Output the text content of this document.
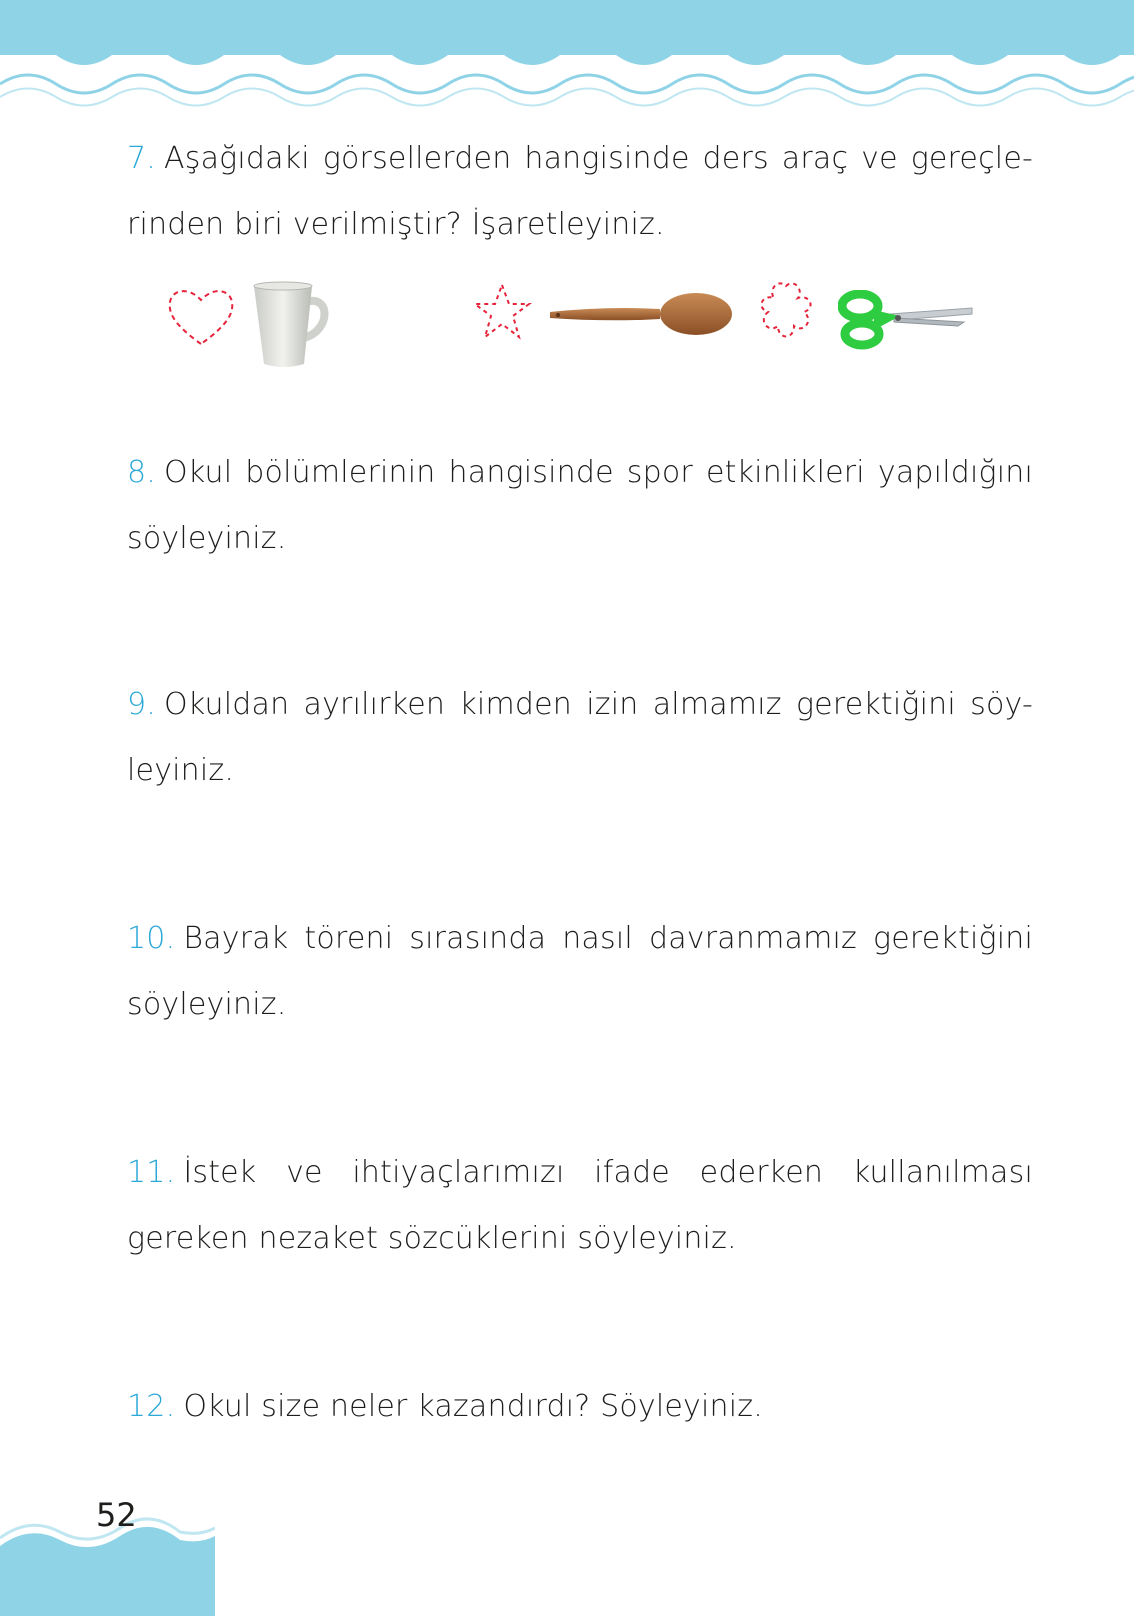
7. Aşağıdaki görsellerden hangisinde ders araç ve gereçle-rinden biri verilmiştir? İşaretleyiniz.
8. Okul bölümlerinin hangisinde spor etkinlikleri yapıldığını söyleyiniz.
9. Okuldan ayrılırken kimden izin almamız gerektiğini söy-leyiniz.
10. Bayrak töreni sırasında nasıl davranmamız gerektiğini söyleyiniz.
11. İstek ve ihtiyaçlarımızı ifade ederken kullanılması gereken nezaket sözcüklerini söyleyiniz.
12. Okul size neler kazandırdı? Söyleyiniz.
52
